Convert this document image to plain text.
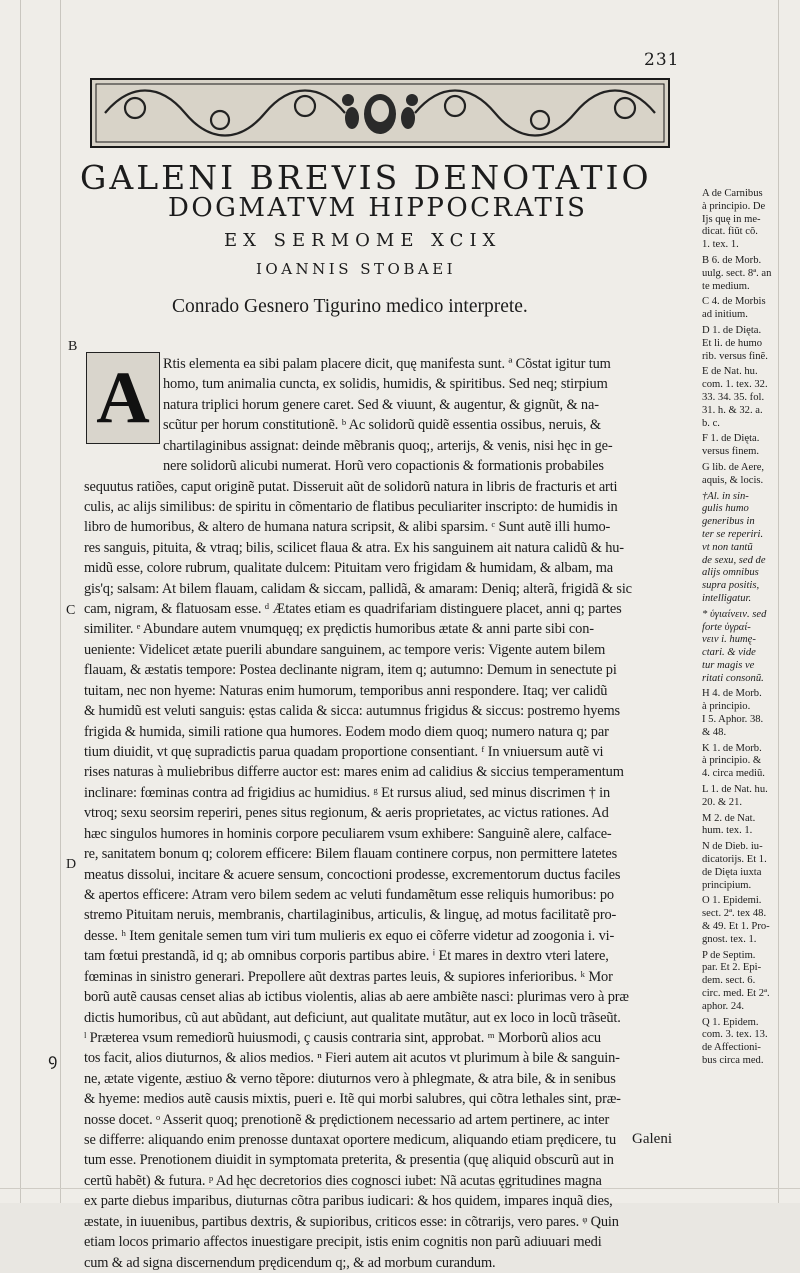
231
GALENI BREVIS DENOTATIO
DOGMATVM HIPPOCRATIS
EX SERMOME XCIX
IOANNIS STOBAEI
Conrado Gesnero Tigurino medico interprete.
B
C
D
A Rtis elementa ea sibi palam placere dicit, quę manifesta sunt. ª Cõstat igitur tum
homo, tum animalia cuncta, ex solidis, humidis, & spiritibus. Sed neq; stirpium
natura triplici horum genere caret. Sed & viuunt, & augentur, & gignũt, & na-
scũtur per horum constitutionẽ. ᵇ Ac solidorũ quidẽ essentia ossibus, neruis, &
chartilaginibus assignat: deinde mẽbranis quoq;, arterijs, & venis, nisi hęc in ge-
nere solidorũ alicubi numerat. Horũ vero copactionis & formationis probabiles
sequutus ratiões, caput originẽ putat. Disseruit aũt de solidorũ natura in libris de fracturis et arti
culis, ac alijs similibus: de spiritu in cõmentario de flatibus peculiariter inscripto: de humidis in
libro de humoribus, & altero de humana natura scripsit, & alibi sparsim. ᶜ Sunt autẽ illi humo-
res sanguis, pituita, & vtraq; bilis, scilicet flaua & atra. Ex his sanguinem ait natura calidũ & hu-
midũ esse, colore rubrum, qualitate dulcem: Pituitam vero frigidam & humidam, & albam, ma
gis'q; salsam: At bilem flauam, calidam & siccam, pallidã, & amaram: Deniq; alterã, frigidã & sic
cam, nigram, & flatuosam esse. ᵈ Ætates etiam es quadrifariam distinguere placet, anni q; partes
similiter. ᵉ Abundare autem vnumquęq; ex prędictis humoribus ætate & anni parte sibi con-
ueniente: Videlicet ætate puerili abundare sanguinem, ac tempore veris: Vigente autem bilem
flauam, & æstatis tempore: Postea declinante nigram, item q; autumno: Demum in senectute pi
tuitam, nec non hyeme: Naturas enim humorum, temporibus anni respondere. Itaq; ver calidũ
& humidũ est veluti sanguis: ęstas calida & sicca: autumnus frigidus & siccus: postremo hyems
frigida & humida, simili ratione qua humores. Eodem modo diem quoq; numero natura q; par
tium diuidit, vt quę supradictis parua quadam proportione consentiant. ᶠ In vniuersum autẽ vi
rises naturas à muliebribus differre auctor est: mares enim ad calidius & siccius temperamentum
inclinare: fœminas contra ad frigidius ac humidius. ᵍ Et rursus aliud, sed minus discrimen † in
vtroq; sexu seorsim reperiri, penes situs regionum, & aeris proprietates, ac victus rationes. Ad
hæc singulos humores in hominis corpore peculiarem vsum exhibere: Sanguinẽ alere, calface-
re, sanitatem bonum q; colorem efficere: Bilem flauam continere corpus, non permittere latetes
meatus dissolui, incitare & acuere sensum, concoctioni prodesse, excrementorum ductus faciles
& apertos efficere: Atram vero bilem sedem ac veluti fundamẽtum esse reliquis humoribus: po
stremo Pituitam neruis, membranis, chartilaginibus, articulis, & linguę, ad motus facilitatẽ pro-
desse. ʰ Item genitale semen tum viri tum mulieris ex equo ei cõferre videtur ad zoogonia i. vi-
tam fœtui prestandã, id q; ab omnibus corporis partibus abire. ⁱ Et mares in dextro vteri latere,
fœminas in sinistro generari. Prepollere aũt dextras partes leuis, & supiores inferioribus. ᵏ Mor
borũ autẽ causas censet alias ab ictibus violentis, alias ab aere ambiẽte nasci: plurimas vero à præ
dictis humoribus, cũ aut abũdant, aut deficiunt, aut qualitate mutãtur, aut ex loco in locũ trãseũt.
ˡ Præterea vsum remediorũ huiusmodi, ç causis contraria sint, approbat. ᵐ Morborũ alios acu
tos facit, alios diuturnos, & alios medios. ⁿ Fieri autem ait acutos vt plurimum à bile & sanguin-
ne, ætate vigente, æstiuo & verno tẽpore: diuturnos vero à phlegmate, & atra bile, & in senibus
& hyeme: medios autẽ causis mixtis, pueri e. Itẽ qui morbi salubres, qui cõtra lethales sint, præ-
nosse docet. ᵒ Asserit quoq; prenotionẽ & prędictionem necessario ad artem pertinere, ac inter
se differre: aliquando enim prenosse duntaxat oportere medicum, aliquando etiam prędicere, tu
tum esse. Prenotionem diuidit in symptomata preterita, & presentia (quę aliquid obscurũ aut in
certũ habẽt) & futura. ᵖ Ad hęc decretorios dies cognosci iubet: Nã acutas ęgritudines magna
ex parte diebus imparibus, diuturnas cõtra paribus iudicari: & hos quidem, impares inquã dies,
æstate, in iuuenibus, partibus dextris, & supioribus, criticos esse: in cõtrarijs, vero pares. ᵠ Quin
etiam locos primario affectos inuestigare precipit, istis enim cognitis non parũ adiuuari medi
cum & ad signa discernendum prędicendum q;, & ad morbum curandum.
A de Carnibus
à principio. De
Ijs quę in me-
dicat. fiũt cõ.
1. tex. 1.
B 6. de Morb.
uulg. sect. 8ª. an
te medium.
C 4. de Morbis
ad initium.
D 1. de Dięta.
Et li. de humo
rib. versus finẽ.
E de Nat. hu.
com. 1. tex. 32.
33. 34. 35. fol.
31. h. & 32. a.
b. c.
F 1. de Dięta.
versus finem.
G lib. de Aere,
aquis, & locis.
†Al. in sin-
gulis humo
generibus in
ter se reperiri.
vt non tantũ
de sexu, sed de
alijs omnibus
supra positis,
intelligatur.
* ὑγιαίνειν. sed
forte ὑγραί-
νειν i. humę-
ctari. & vide
tur magis ve
ritati consonũ.
H 4. de Morb.
à principio.
I 5. Aphor. 38.
& 48.
K 1. de Morb.
à principio. &
4. circa mediũ.
L 1. de Nat. hu.
20. & 21.
M 2. de Nat.
hum. tex. 1.
N de Dieb. iu-
dicatorijs. Et 1.
de Dięta iuxta
principium.
O 1. Epidemi.
sect. 2ª. tex 48.
& 49. Et 1. Pro-
gnost. tex. 1.
P de Septim.
par. Et 2. Epi-
dem. sect. 6.
circ. med. Et 2ª.
aphor. 24.
Q 1. Epidem.
com. 3. tex. 13.
de Affectioni-
bus circa med.
ꝯ
Galeni
